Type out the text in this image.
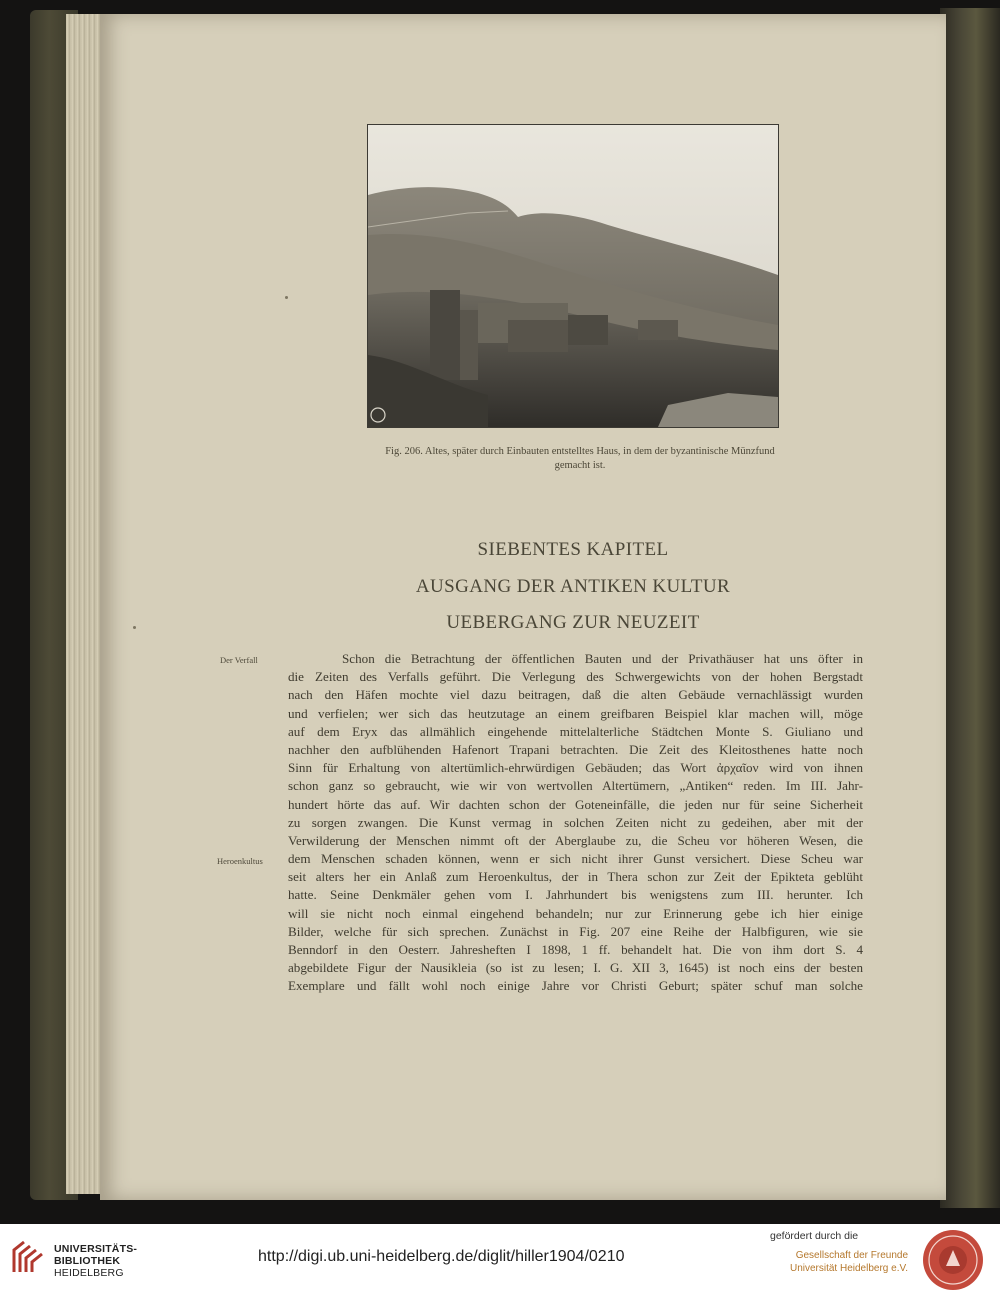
Fig. 206. Altes, später durch Einbauten entstelltes Haus, in dem der byzantinische Münzfund
gemacht ist.
SIEBENTES KAPITEL
AUSGANG DER ANTIKEN KULTUR
UEBERGANG ZUR NEUZEIT
Der Verfall
Heroenkultus
Schon die Betrachtung der öffentlichen Bauten und der Privathäuser hat uns öfter in
die Zeiten des Verfalls geführt. Die Verlegung des Schwergewichts von der hohen Bergstadt
nach den Häfen mochte viel dazu beitragen, daß die alten Gebäude vernachlässigt wurden
und verfielen; wer sich das heutzutage an einem greifbaren Beispiel klar machen will, möge
auf dem Eryx das allmählich eingehende mittelalterliche Städtchen Monte S. Giuliano und
nachher den aufblühenden Hafenort Trapani betrachten. Die Zeit des Kleitosthenes hatte noch
Sinn für Erhaltung von altertümlich-ehrwürdigen Gebäuden; das Wort ἀρχαῖον wird von ihnen
schon ganz so gebraucht, wie wir von wertvollen Altertümern, „Antiken“ reden. Im III. Jahr-
hundert hörte das auf. Wir dachten schon der Goteneinfälle, die jeden nur für seine Sicherheit
zu sorgen zwangen. Die Kunst vermag in solchen Zeiten nicht zu gedeihen, aber mit der
Verwilderung der Menschen nimmt oft der Aberglaube zu, die Scheu vor höheren Wesen, die
dem Menschen schaden können, wenn er sich nicht ihrer Gunst versichert. Diese Scheu war
seit alters her ein Anlaß zum Heroenkultus, der in Thera schon zur Zeit der Epikteta geblüht
hatte. Seine Denkmäler gehen vom I. Jahrhundert bis wenigstens zum III. herunter. Ich
will sie nicht noch einmal eingehend behandeln; nur zur Erinnerung gebe ich hier einige
Bilder, welche für sich sprechen. Zunächst in Fig. 207 eine Reihe der Halbfiguren, wie sie
Benndorf in den Oesterr. Jahresheften I 1898, 1 ff. behandelt hat. Die von ihm dort S. 4
abgebildete Figur der Nausikleia (so ist zu lesen; I. G. XII 3, 1645) ist noch eins der besten
Exemplare und fällt wohl noch einige Jahre vor Christi Geburt; später schuf man solche
UNIVERSITÄTS-
BIBLIOTHEK
HEIDELBERG
http://digi.ub.uni-heidelberg.de/diglit/hiller1904/0210
gefördert durch die
Gesellschaft der Freunde
Universität Heidelberg e.V.
